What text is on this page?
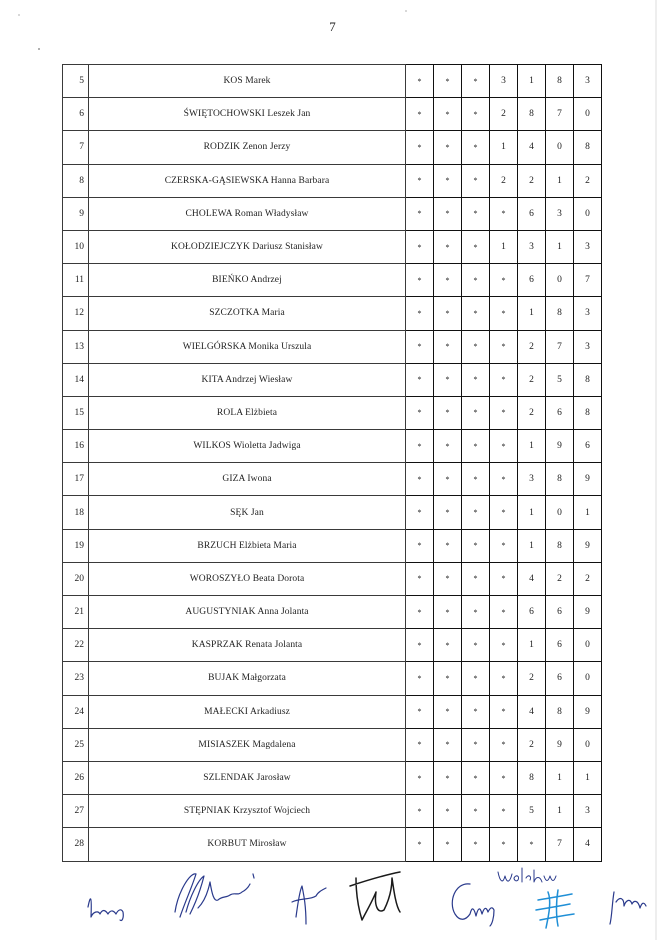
7
5	KOS Marek	*	*	*	3	1	8	3
6	ŚWIĘTOCHOWSKI Leszek Jan	*	*	*	2	8	7	0
7	RODZIK Zenon Jerzy	*	*	*	1	4	0	8
8	CZERSKA-GĄSIEWSKA Hanna Barbara	*	*	*	2	2	1	2
9	CHOLEWA Roman Władysław	*	*	*	*	6	3	0
10	KOŁODZIEJCZYK Dariusz Stanisław	*	*	*	1	3	1	3
11	BIEŃKO Andrzej	*	*	*	*	6	0	7
12	SZCZOTKA Maria	*	*	*	*	1	8	3
13	WIELGÓRSKA Monika Urszula	*	*	*	*	2	7	3
14	KITA Andrzej Wiesław	*	*	*	*	2	5	8
15	ROLA Elżbieta	*	*	*	*	2	6	8
16	WILKOS Wioletta Jadwiga	*	*	*	*	1	9	6
17	GIZA Iwona	*	*	*	*	3	8	9
18	SĘK Jan	*	*	*	*	1	0	1
19	BRZUCH Elżbieta Maria	*	*	*	*	1	8	9
20	WOROSZYŁO Beata Dorota	*	*	*	*	4	2	2
21	AUGUSTYNIAK Anna Jolanta	*	*	*	*	6	6	9
22	KASPRZAK Renata Jolanta	*	*	*	*	1	6	0
23	BUJAK Małgorzata	*	*	*	*	2	6	0
24	MAŁECKI Arkadiusz	*	*	*	*	4	8	9
25	MISIASZEK Magdalena	*	*	*	*	2	9	0
26	SZLENDAK Jarosław	*	*	*	*	8	1	1
27	STĘPNIAK Krzysztof Wojciech	*	*	*	*	5	1	3
28	KORBUT Mirosław	*	*	*	*	*	7	4
